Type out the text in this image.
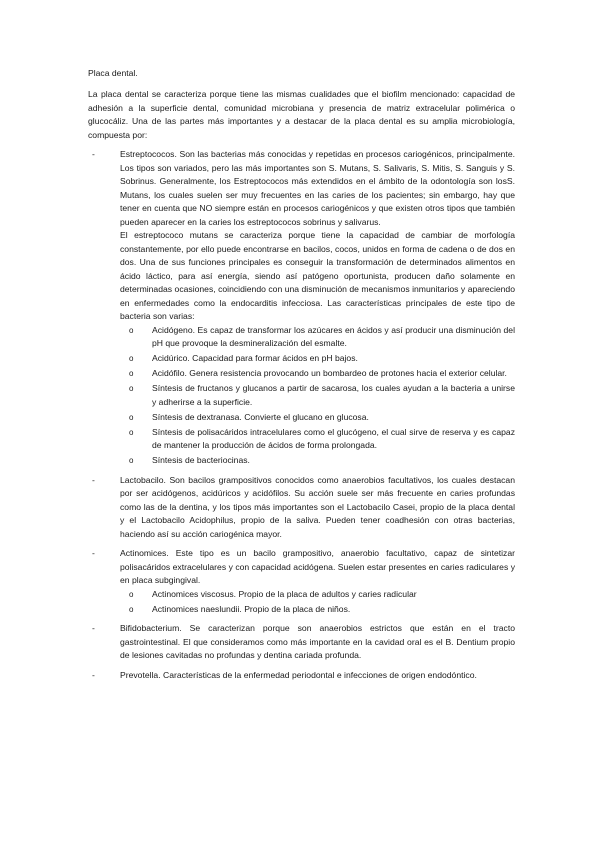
Placa dental.

La placa dental se caracteriza porque tiene las mismas cualidades que el biofilm mencionado: capacidad de adhesión a la superficie dental, comunidad microbiana y presencia de matriz extracelular polimérica o glucocáliz. Una de las partes más importantes y a destacar de la placa dental es su amplia microbiología, compuesta por:

-	Estreptococos. Son las bacterias más conocidas y repetidas en procesos cariogénicos, principalmente. Los tipos son variados, pero las más importantes son S. Mutans, S. Salivaris, S. Mitis, S. Sanguis y S. Sobrinus. Generalmente, los Estreptococos más extendidos en el ámbito de la odontología son losS. Mutans, los cuales suelen ser muy frecuentes en las caries de los pacientes; sin embargo, hay que tener en cuenta que NO siempre están en procesos cariogénicos y que existen otros tipos que también pueden aparecer en la caries los estreptococos sobrinus y salivarus.

El estreptococo mutans se caracteriza porque tiene la capacidad de cambiar de morfología constantemente, por ello puede encontrarse en bacilos, cocos, unidos en forma de cadena o de dos en dos. Una de sus funciones principales es conseguir la transformación de determinados alimentos en ácido láctico, para así energía, siendo así patógeno oportunista, producen daño solamente en determinadas ocasiones, coincidiendo con una disminución de mecanismos inmunitarios y apareciendo en enfermedades como la endocarditis infecciosa. Las características principales de este tipo de bacteria son varias:

o Acidógeno. Es capaz de transformar los azúcares en ácidos y así producir una disminución del pH que provoque la desmineralización del esmalte.
o Acidúrico. Capacidad para formar ácidos en pH bajos.
o Acidófilo. Genera resistencia provocando un bombardeo de protones hacia el exterior celular.
o Síntesis de fructanos y glucanos a partir de sacarosa, los cuales ayudan a la bacteria a unirse y adherirse a la superficie.
o Síntesis de dextranasa. Convierte el glucano en glucosa.
o Síntesis de polisacáridos intracelulares como el glucógeno, el cual sirve de reserva y es capaz de mantener la producción de ácidos de forma prolongada.
o Síntesis de bacteriocinas.
-	Lactobacilo. Son bacilos grampositivos conocidos como anaerobios facultativos, los cuales destacan por ser acidógenos, acidúricos y acidófilos. Su acción suele ser más frecuente en caries profundas como las de la dentina, y los tipos más importantes son el Lactobacilo Casei, propio de la placa dental y el Lactobacilo Acidophilus, propio de la saliva. Pueden tener coadhesión con otras bacterias, haciendo así su acción cariogénica mayor.

-	Actinomices. Este tipo es un bacilo grampositivo, anaerobio facultativo, capaz de sintetizar polisacáridos extracelulares y con capacidad acidógena. Suelen estar presentes en caries radiculares y en placa subgingival.

o Actinomices viscosus. Propio de la placa de adultos y caries radicular
o Actinomices naeslundii. Propio de la placa de niños.
-	Bifidobacterium. Se caracterizan porque son anaerobios estrictos que están en el tracto gastrointestinal. El que consideramos como más importante en la cavidad oral es el B. Dentium propio de lesiones cavitadas no profundas y dentina cariada profunda.

-	Prevotella. Características de la enfermedad periodontal e infecciones de origen endodóntico.
